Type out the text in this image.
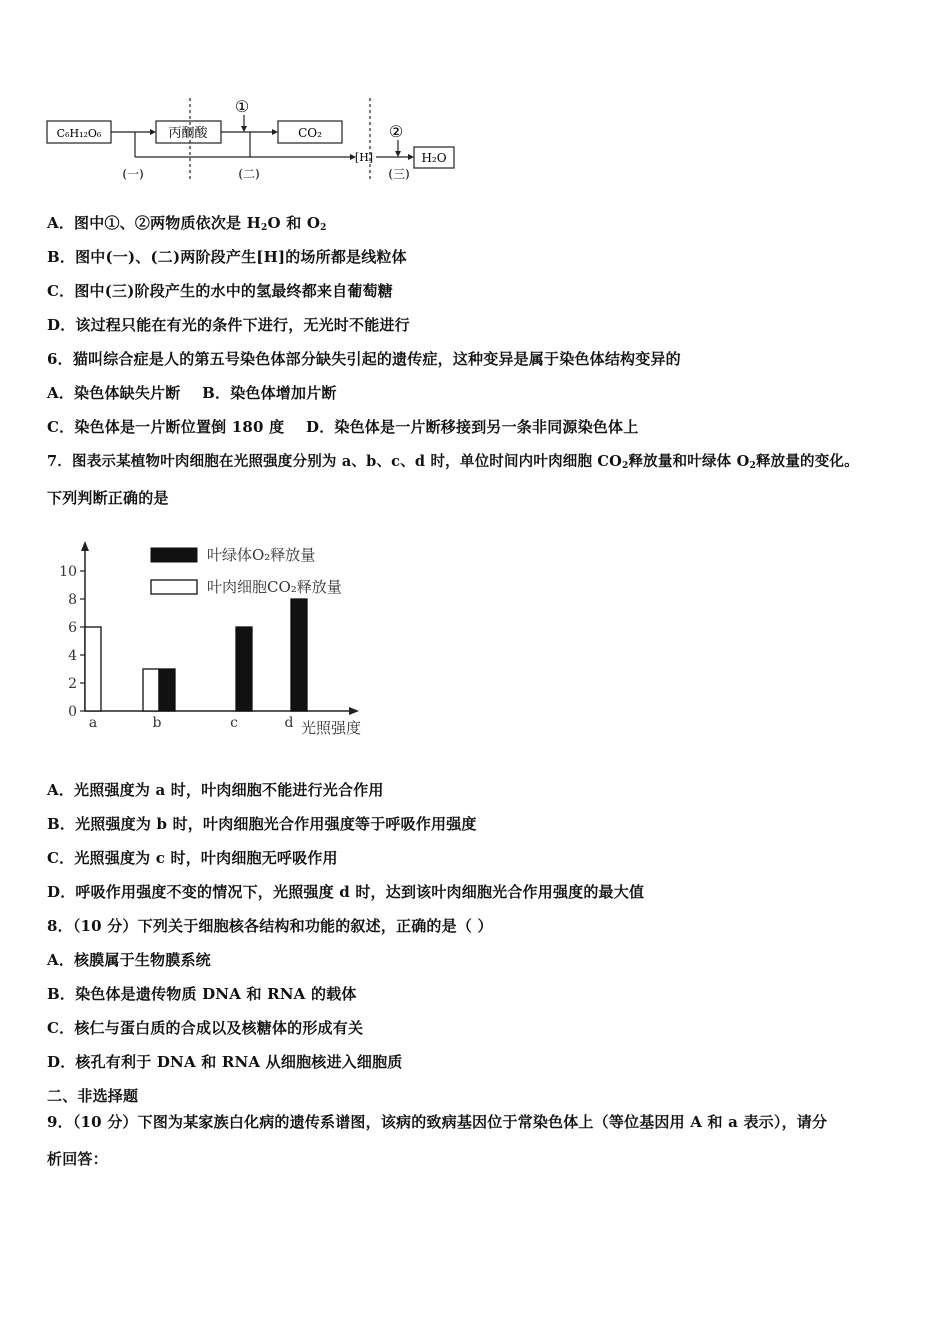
C₆H₁₂O₆	丙酮酸	CO₂
[H]	H₂O
①
②
(一)	(二)	(三)
A．图中①、②两物质依次是 $H_2O$ 和 $O_2$
B．图中(一)、(二)两阶段产生[H]的场所都是线粒体
C．图中(三)阶段产生的水中的氢最终都来自葡萄糖
D．该过程只能在有光的条件下进行，无光时不能进行
6．猫叫综合症是人的第五号染色体部分缺失引起的遗传症，这种变异是属于染色体结构变异的
A．染色体缺失片断    B．染色体增加片断
C．染色体是一片断位置倒 180 度    D．染色体是一片断移接到另一条非同源染色体上
7．图表示某植物叶肉细胞在光照强度分别为 a、b、c、d 时，单位时间内叶肉细胞 $CO_2$释放量和叶绿体 $O_2$释放量的变化。
下列判断正确的是
0
2
4
6
8
10
a	b	c	d 光照强度
叶绿体O₂释放量
叶肉细胞CO₂释放量
A．光照强度为 a 时，叶肉细胞不能进行光合作用
B．光照强度为 b 时，叶肉细胞光合作用强度等于呼吸作用强度
C．光照强度为 c 时，叶肉细胞无呼吸作用
D．呼吸作用强度不变的情况下，光照强度 d 时，达到该叶肉细胞光合作用强度的最大值
8．（10 分）下列关于细胞核各结构和功能的叙述，正确的是（ ）
A．核膜属于生物膜系统
B．染色体是遗传物质 DNA 和 RNA 的载体
C．核仁与蛋白质的合成以及核糖体的形成有关
D．核孔有利于 DNA 和 RNA 从细胞核进入细胞质
二、非选择题
9．（10 分）下图为某家族白化病的遗传系谱图，该病的致病基因位于常染色体上（等位基因用 A 和 a 表示），请分
析回答：
